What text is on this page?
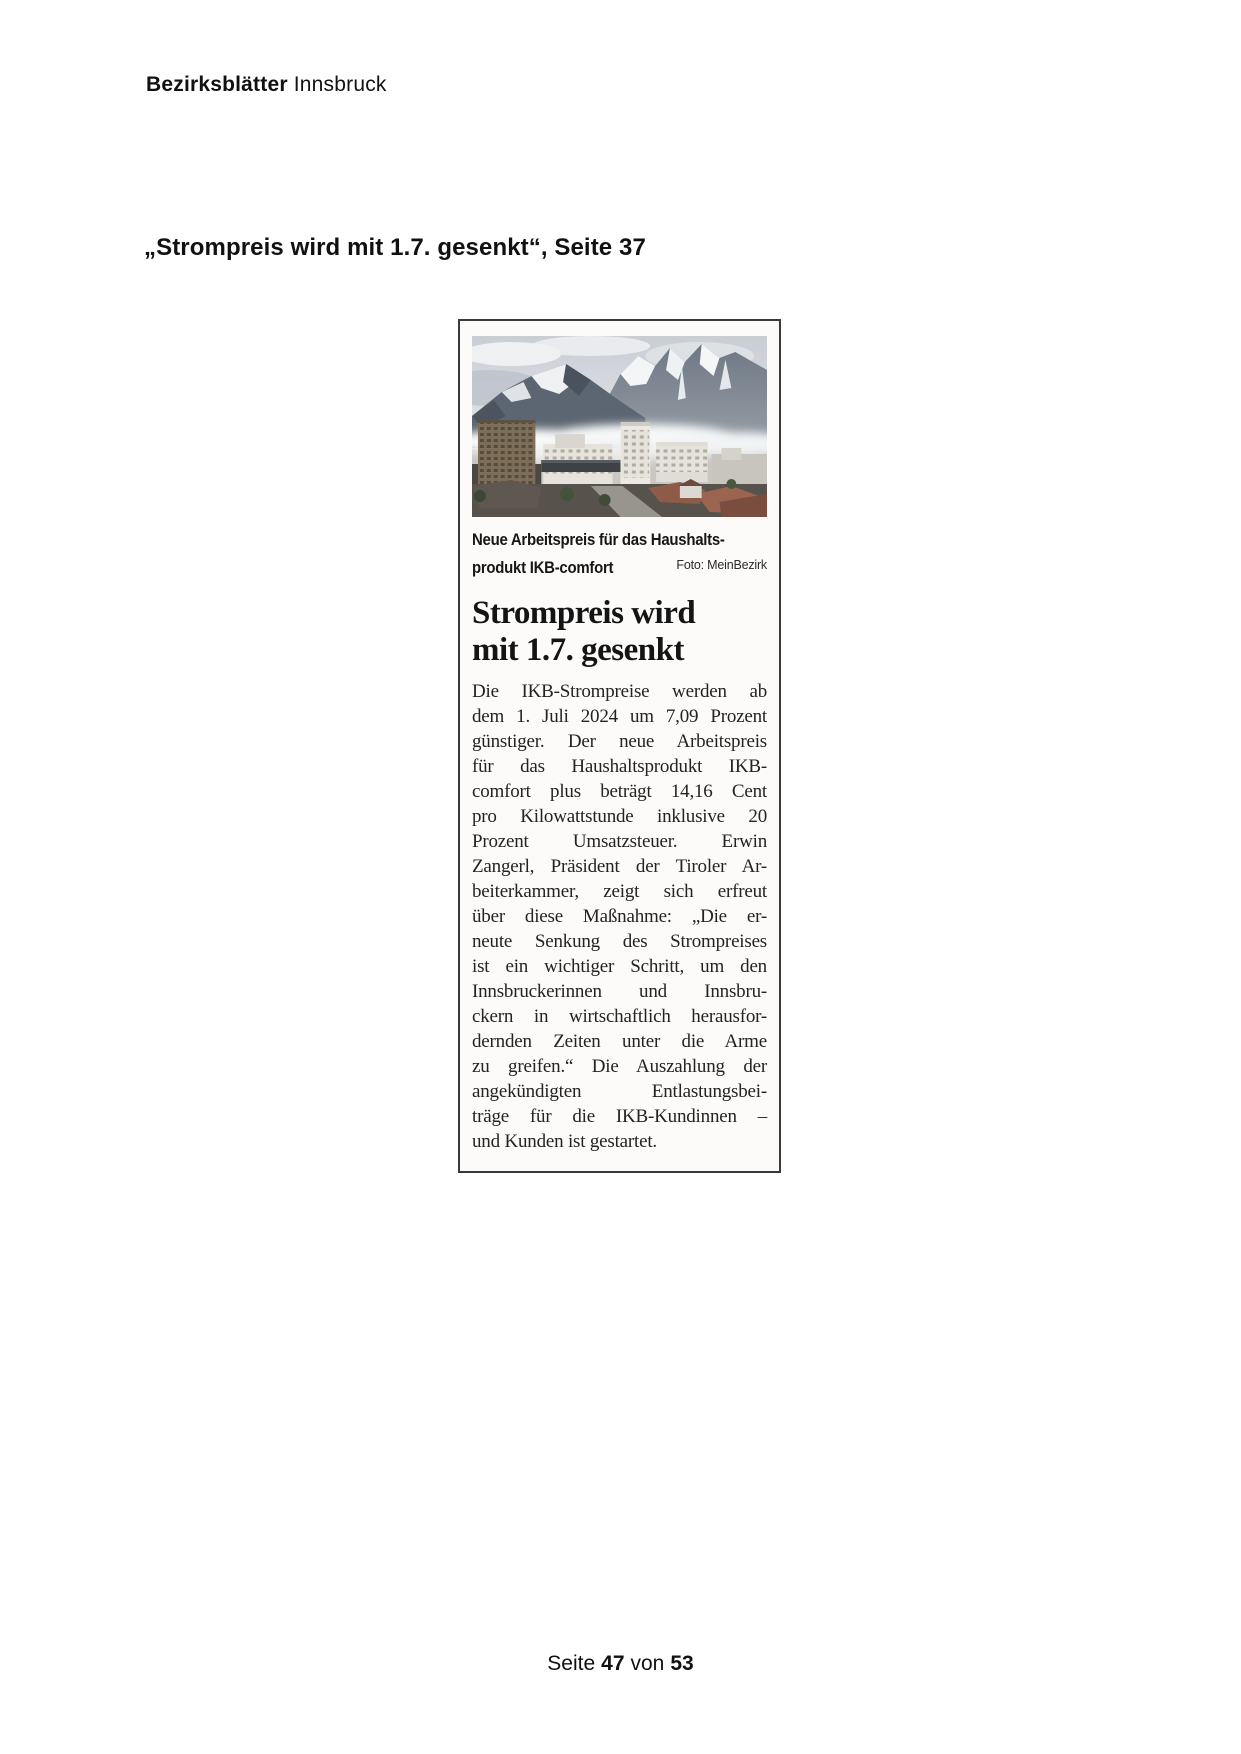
Bezirksblätter Innsbruck
„Strompreis wird mit 1.7. gesenkt“, Seite 37
Neue Arbeitspreis für das Haushalts-
produkt IKB-comfort	Foto: MeinBezirk
Strompreis wird
mit 1.7. gesenkt
Die IKB-Strompreise werden ab
dem 1. Juli 2024 um 7,09 Prozent
günstiger. Der neue Arbeitspreis
für das Haushaltsprodukt IKB-
comfort plus beträgt 14,16 Cent
pro Kilowattstunde inklusive 20
Prozent Umsatzsteuer. Erwin
Zangerl, Präsident der Tiroler Ar-
beiterkammer, zeigt sich erfreut
über diese Maßnahme: „Die er-
neute Senkung des Strompreises
ist ein wichtiger Schritt, um den
Innsbruckerinnen und Innsbru-
ckern in wirtschaftlich herausfor-
dernden Zeiten unter die Arme
zu greifen.“ Die Auszahlung der
angekündigten Entlastungsbei-
träge für die IKB-Kundinnen –
und Kunden ist gestartet.
Seite 47 von 53
